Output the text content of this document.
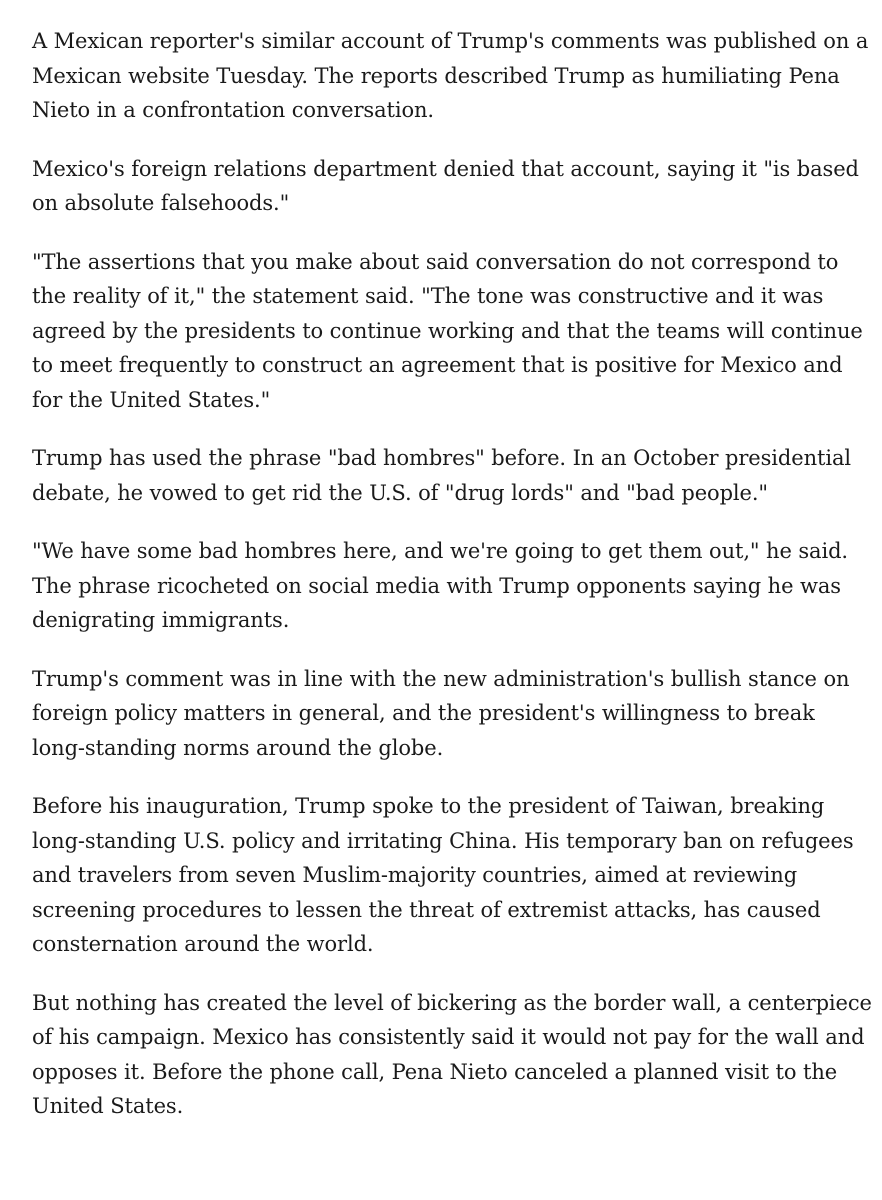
A Mexican reporter's similar account of Trump's comments was published on a Mexican website Tuesday. The reports described Trump as humiliating Pena Nieto in a confrontation conversation.

Mexico's foreign relations department denied that account, saying it "is based on absolute falsehoods."

"The assertions that you make about said conversation do not correspond to the reality of it," the statement said. "The tone was constructive and it was agreed by the presidents to continue working and that the teams will continue to meet frequently to construct an agreement that is positive for Mexico and for the United States."

Trump has used the phrase "bad hombres" before. In an October presidential debate, he vowed to get rid the U.S. of "drug lords" and "bad people."

"We have some bad hombres here, and we're going to get them out," he said. The phrase ricocheted on social media with Trump opponents saying he was denigrating immigrants.

Trump's comment was in line with the new administration's bullish stance on foreign policy matters in general, and the president's willingness to break long-standing norms around the globe.

Before his inauguration, Trump spoke to the president of Taiwan, breaking long-standing U.S. policy and irritating China. His temporary ban on refugees and travelers from seven Muslim-majority countries, aimed at reviewing screening procedures to lessen the threat of extremist attacks, has caused consternation around the world.

But nothing has created the level of bickering as the border wall, a centerpiece of his campaign. Mexico has consistently said it would not pay for the wall and opposes it. Before the phone call, Pena Nieto canceled a planned visit to the United States.
